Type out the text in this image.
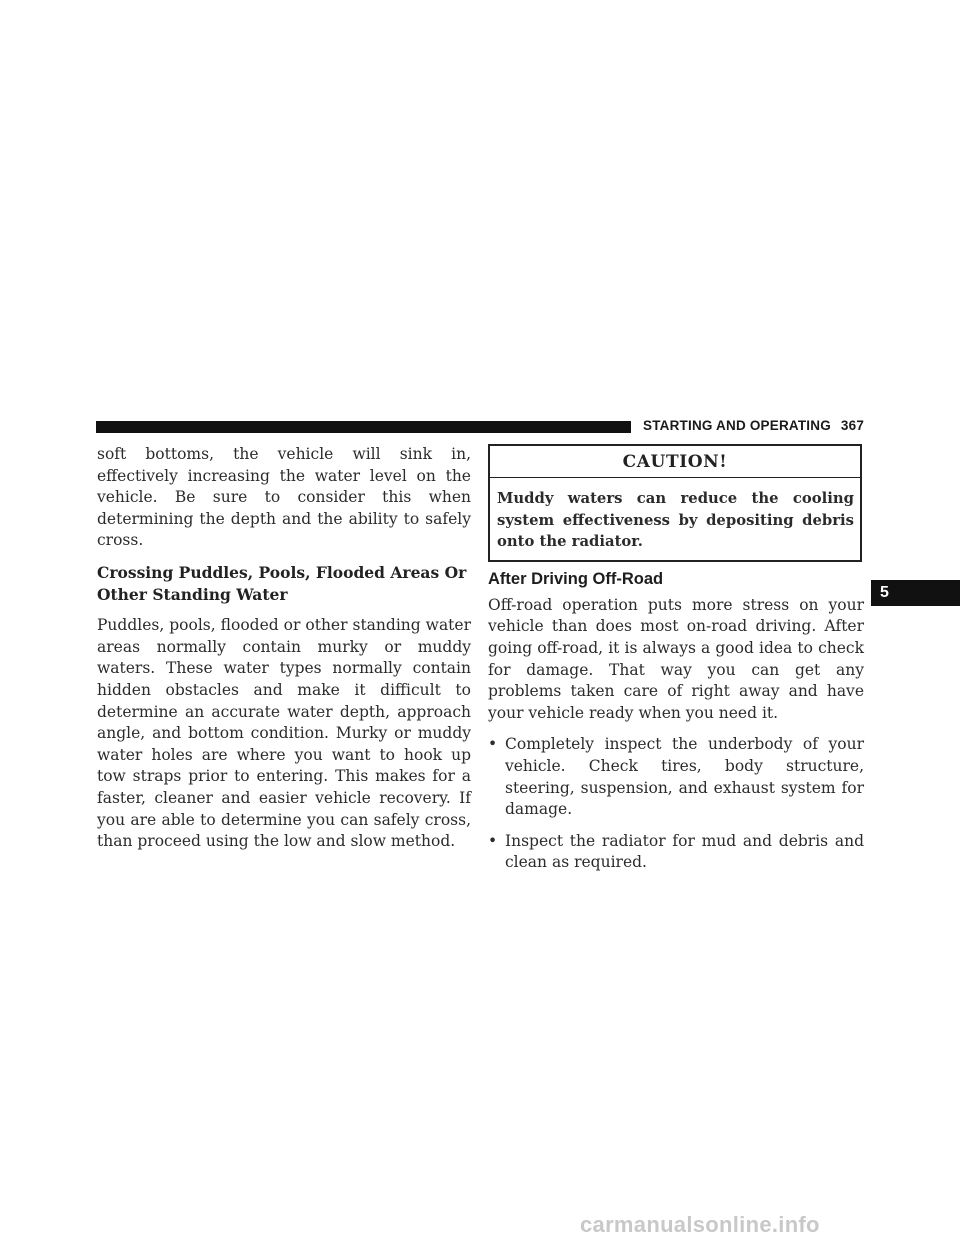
STARTING AND OPERATING 367

soft bottoms, the vehicle will sink in, effectively increasing the water level on the vehicle. Be sure to consider this when determining the depth and the ability to safely cross.

Crossing Puddles, Pools, Flooded Areas Or Other Standing Water

Puddles, pools, flooded or other standing water areas normally contain murky or muddy waters. These water types normally contain hidden obstacles and make it difficult to determine an accurate water depth, approach angle, and bottom condition. Murky or muddy water holes are where you want to hook up tow straps prior to entering. This makes for a faster, cleaner and easier vehicle recovery. If you are able to determine you can safely cross, than proceed using the low and slow method.

CAUTION!
Muddy waters can reduce the cooling system effectiveness by depositing debris onto the radiator.
After Driving Off-Road

Off-road operation puts more stress on your vehicle than does most on-road driving. After going off-road, it is always a good idea to check for damage. That way you can get any problems taken care of right away and have your vehicle ready when you need it.

• Completely inspect the underbody of your vehicle. Check tires, body structure, steering, suspension, and exhaust system for damage.
• Inspect the radiator for mud and debris and clean as required.
5
carmanualsonline.info
